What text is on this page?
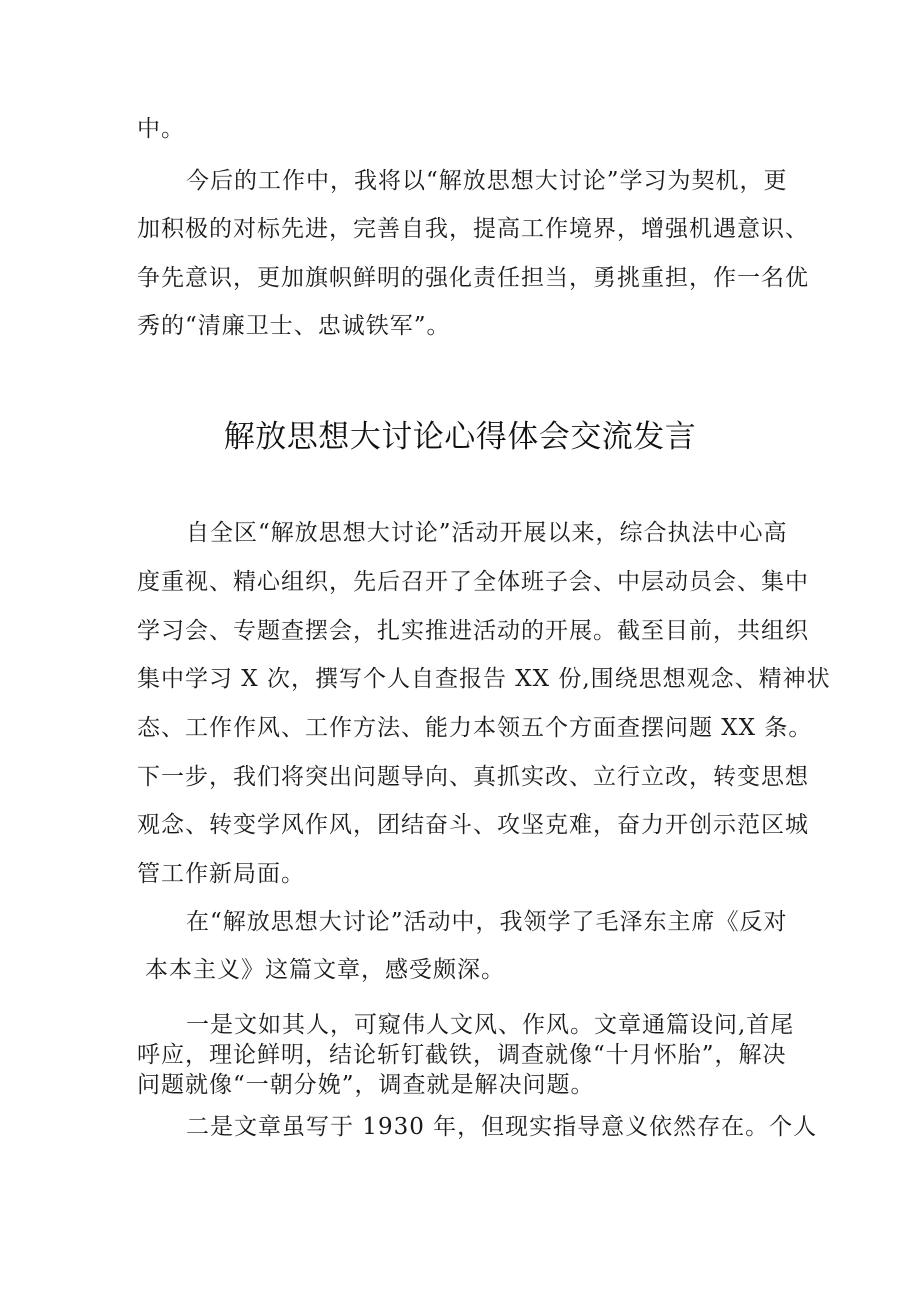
中。
今后的工作中，我将以“解放思想大讨论”学习为契机，更
加积极的对标先进，完善自我，提高工作境界，增强机遇意识、
争先意识，更加旗帜鲜明的强化责任担当，勇挑重担，作一名优
秀的“清廉卫士、忠诚铁军”。
解放思想大讨论心得体会交流发言
自全区“解放思想大讨论”活动开展以来，综合执法中心高
度重视、精心组织，先后召开了全体班子会、中层动员会、集中
学习会、专题查摆会，扎实推进活动的开展。截至目前，共组织
集中学习 X 次，撰写个人自查报告 XX 份,围绕思想观念、精神状
态、工作作风、工作方法、能力本领五个方面查摆问题 XX 条。
下一步，我们将突出问题导向、真抓实改、立行立改，转变思想
观念、转变学风作风，团结奋斗、攻坚克难，奋力开创示范区城
管工作新局面。
在“解放思想大讨论”活动中，我领学了毛泽东主席《反对
本本主义》这篇文章，感受颇深。
一是文如其人，可窥伟人文风、作风。文章通篇设问,首尾
呼应，理论鲜明，结论斩钉截铁，调查就像“十月怀胎”，解决
问题就像“一朝分娩”，调查就是解决问题。
二是文章虽写于 1930 年，但现实指导意义依然存在。个人
